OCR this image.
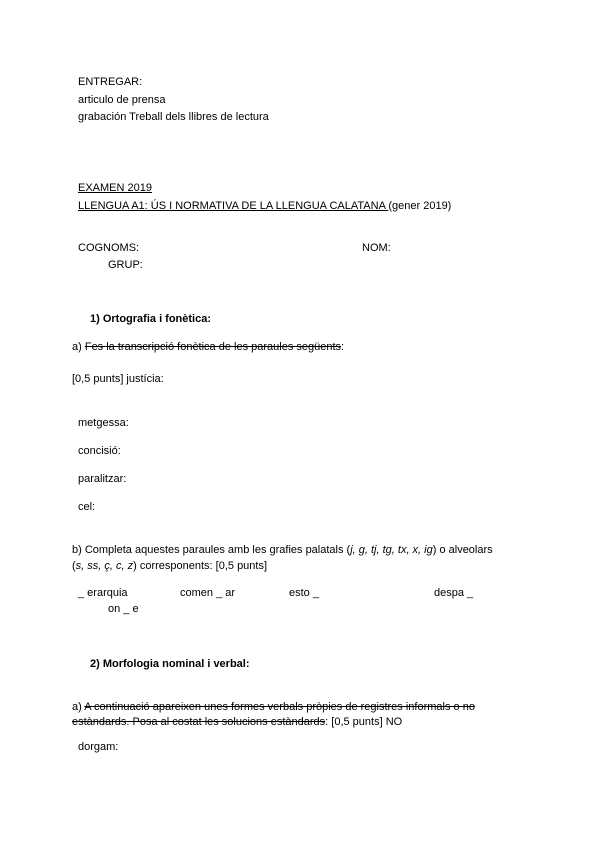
ENTREGAR:
articulo de prensa
grabación Treball dels llibres de lectura
EXAMEN 2019
LLENGUA A1: ÚS I NORMATIVA DE LA LLENGUA CALATANA (gener 2019)
COGNOMS:	NOM:
GRUP:
1) Ortografia i fonètica:
a) Fes la transcripció fonètica de les paraules següents:
[0,5 punts] justícia:
metgessa:
concisió:
paralitzar:
cel:
b) Completa aquestes paraules amb les grafies palatals (j, g, tj, tg, tx, x, ig) o alveolars
(s, ss, ç, c, z) corresponents: [0,5 punts]
_ erarquia	comen _ ar	esto _	despa _
on _ e
2) Morfologia nominal i verbal:
a) A continuació apareixen unes formes verbals pròpies de registres informals o no
estàndards. Posa al costat les solucions estàndards: [0,5 punts] NO
dorgam:
